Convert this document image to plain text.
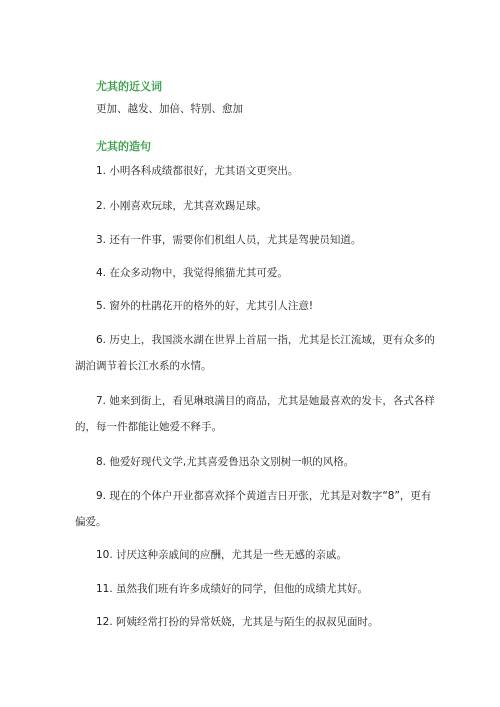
尤其的近义词
更加、越发、加倍、特别、愈加
尤其的造句
1. 小明各科成绩都很好，尤其语文更突出。
2. 小刚喜欢玩球，尤其喜欢踢足球。
3. 还有一件事，需要你们机组人员，尤其是驾驶员知道。
4. 在众多动物中，我觉得熊猫尤其可爱。
5. 窗外的杜鹃花开的格外的好，尤其引人注意!
6. 历史上，我国淡水湖在世界上首屈一指，尤其是长江流域，更有众多的
湖泊调节着长江水系的水情。
7. 她来到街上，看见琳琅满目的商品，尤其是她最喜欢的发卡，各式各样
的，每一件都能让她爱不释手。
8. 他爱好现代文学,尤其喜爱鲁迅杂文别树一帜的风格。
9. 现在的个体户开业都喜欢择个黄道吉日开张，尤其是对数字“8”，更有
偏爱。
10. 讨厌这种亲戚间的应酬，尤其是一些无感的亲戚。
11. 虽然我们班有许多成绩好的同学，但他的成绩尤其好。
12. 阿姨经常打扮的异常妖娆，尤其是与陌生的叔叔见面时。
